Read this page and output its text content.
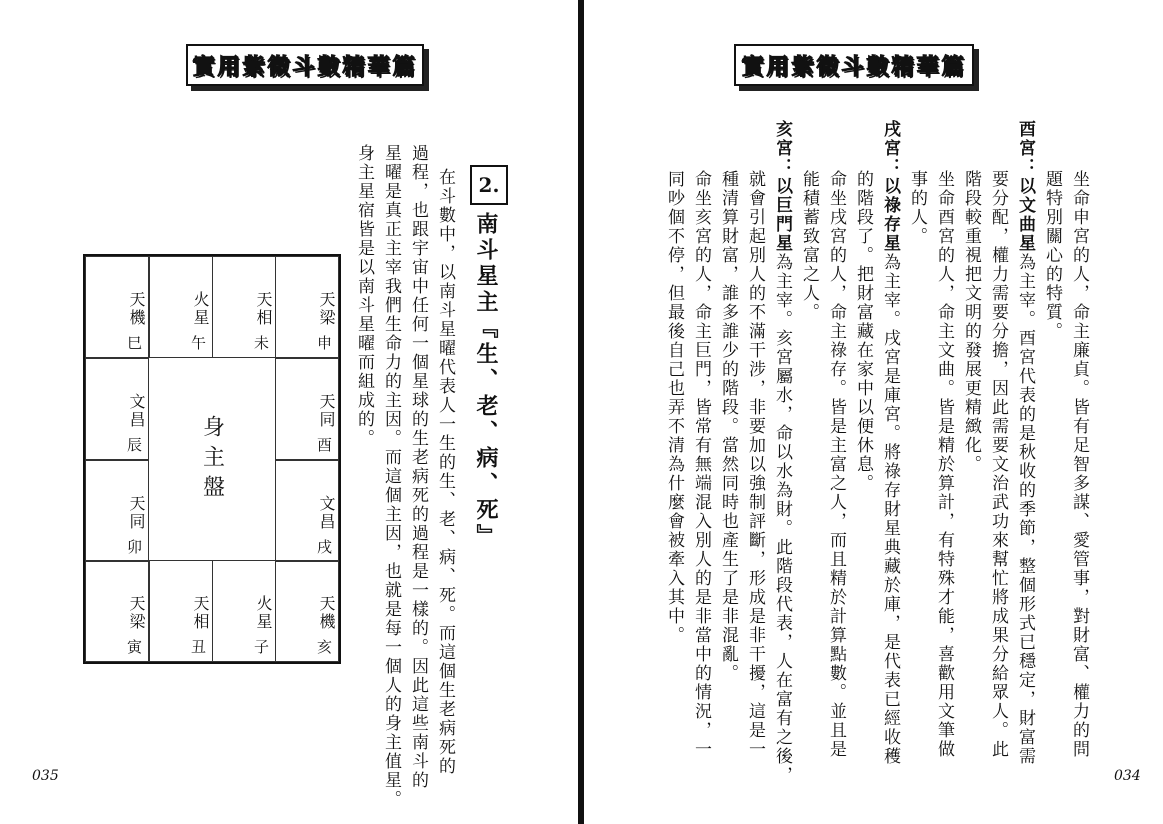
實用紫微斗數精華篇
2.
南斗星主『生、老、病、死』
在斗數中，以南斗星曜代表人一生的生、老、病、死。而這個生老病死的
過程，也跟宇宙中任何一個星球的生老病死的過程是一樣的。因此這些南斗的
星曜是真正主宰我們生命力的主因。而這個主因，也就是每一個人的身主值星。
身主星宿皆是以南斗星曜而組成的。
天機
巳
火星
午
天相
未
天梁
申
文昌
辰
天同
酉
天同
卯
文昌
戌
天梁
寅
天相
丑
火星
子
天機
亥
身主盤
035
實用紫微斗數精華篇
坐命申宮的人，命主廉貞。皆有足智多謀、愛管事，對財富、權力的問
題特別關心的特質。
酉宮：以文曲星為主宰。酉宮代表的是秋收的季節，整個形式已穩定，財富需
要分配，權力需要分擔，因此需要文治武功來幫忙將成果分給眾人。此
階段較重視把文明的發展更精緻化。
坐命酉宮的人，命主文曲。皆是精於算計，有特殊才能，喜歡用文筆做
事的人。
戌宮：以祿存星為主宰。戌宮是庫宮。將祿存財星典藏於庫，是代表已經收穫
的階段了。把財富藏在家中以便休息。
命坐戌宮的人，命主祿存。皆是主富之人，而且精於計算點數。並且是
能積蓄致富之人。
亥宮：以巨門星為主宰。亥宮屬水，命以水為財。此階段代表，人在富有之後，
就會引起別人的不滿干涉，非要加以強制評斷，形成是非干擾，這是一
種清算財富，誰多誰少的階段。當然同時也產生了是非混亂。
命坐亥宮的人，命主巨門，皆常有無端混入別人的是非當中的情況，一
同吵個不停，但最後自己也弄不清為什麼會被牽入其中。
034
